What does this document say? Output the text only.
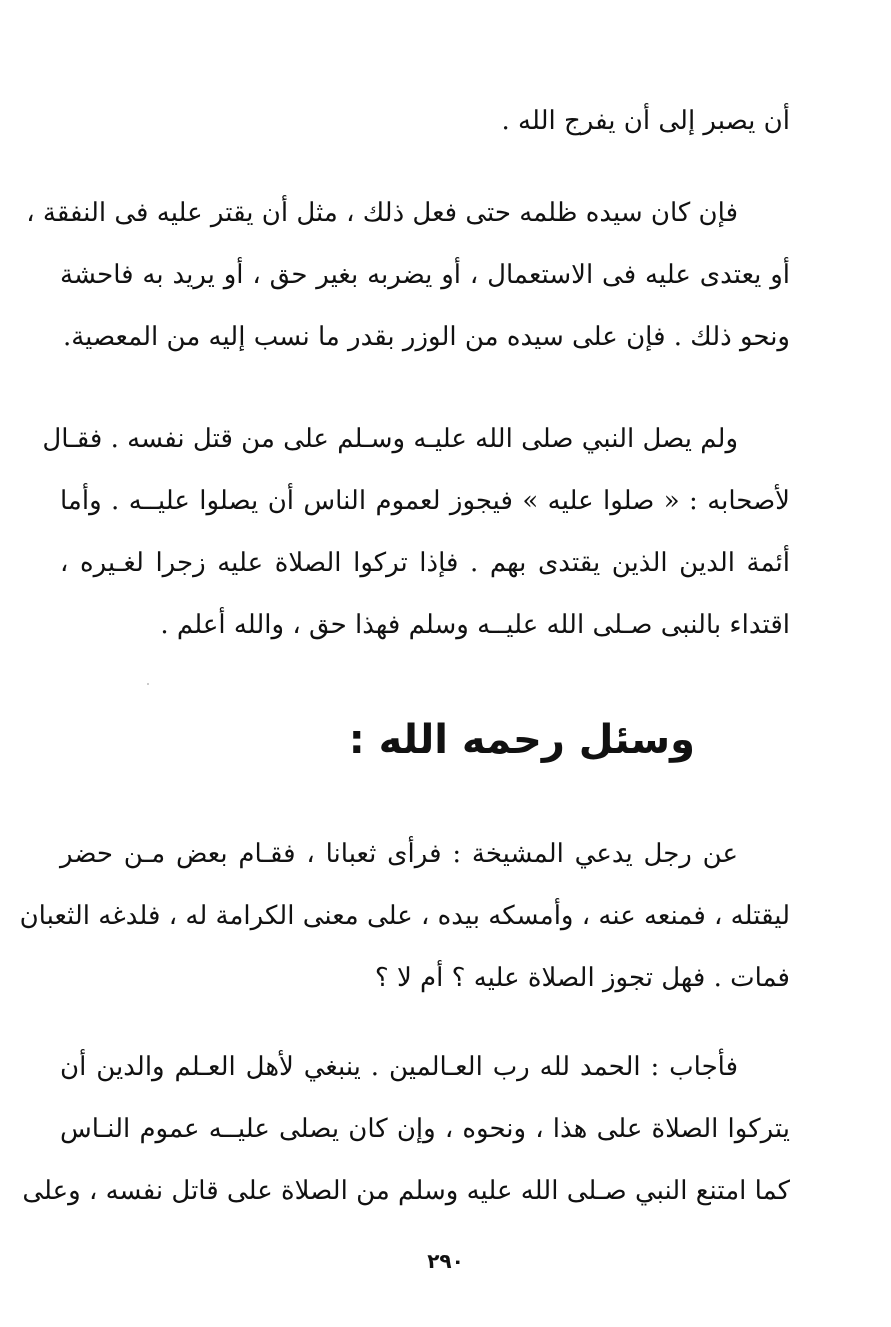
أن يصبر إلى أن يفرج الله .

فإن كان سيده ظلمه حتى فعل ذلك ، مثل أن يقتر عليه فى النفقة ،
أو يعتدى عليه فى الاستعمال ، أو يضربه بغير حق ، أو يريد به فاحشة
ونحو ذلك . فإن على سيده من الوزر بقدر ما نسب إليه من المعصية.

ولم يصل النبي صلى الله عليـه وسـلم على من قتل نفسه . فقـال
لأصحابه : « صلوا عليه » فيجوز لعموم الناس أن يصلوا عليــه . وأما
أئمة الدين الذين يقتدى بهم . فإذا تركوا الصلاة عليه زجرا لغـيره ،
اقتداء بالنبى صـلى الله عليــه وسلم فهذا حق ، والله أعلم .

وسئل رحمه الله :

عن رجل يدعي المشيخة : فرأى ثعبانا ، فقـام بعض مـن حضر
ليقتله ، فمنعه عنه ، وأمسكه بيده ، على معنى الكرامة له ، فلدغه الثعبان
فمات . فهل تجوز الصلاة عليه ؟ أم لا ؟

فأجاب : الحمد لله رب العـالمين . ينبغي لأهل العـلم والدين أن
يتركوا الصلاة على هذا ، ونحوه ، وإن كان يصلى عليــه عموم النـاس
كما امتنع النبي صـلى الله عليه وسلم من الصلاة على قاتل نفسه ، وعلى

٢٩٠
